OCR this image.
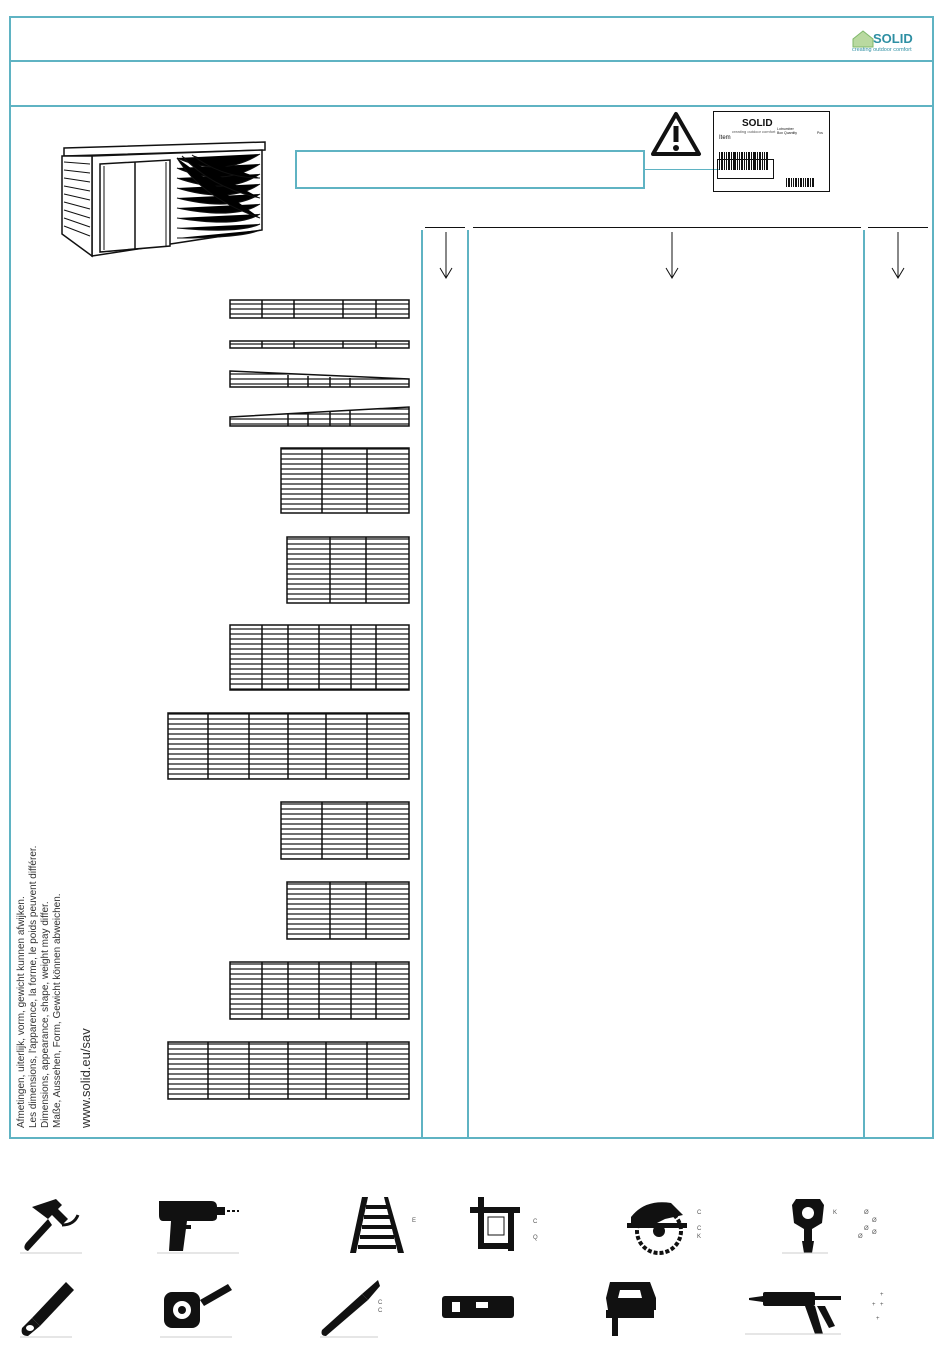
SOLID
creating outdoor comfort
SOLID
creating outdoor comfort
Item
Lotnumber
Box Quantity	Pcs
Afmetingen, uiterlijk, vorm, gewicht kunnen afwijken. Les dimensions, l'apparence, la forme, le poids peuvent différer. Dimensions, appearance, shape, weight may differ. Maße, Aussehen, Form, Gewicht können abweichen. www.solid.eu/sav
E	C
Q
C
C
K
K	Ø
Ø
Ø
Ø
Ø
C
C
+
+
+
+
